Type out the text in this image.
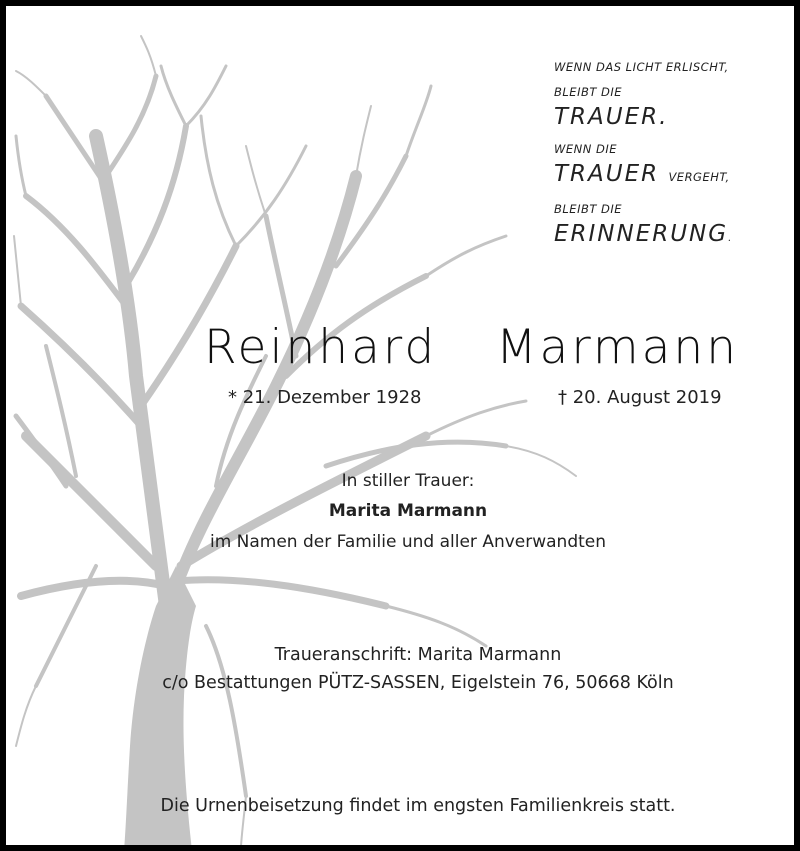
WENN DAS LICHT ERLISCHT,
BLEIBT DIE
TRAUER.
WENN DIE
TRAUER VERGEHT,
BLEIBT DIE
ERINNERUNG.
Reinhard Marmann
* 21. Dezember 1928	† 20. August 2019
In stiller Trauer:
Marita Marmann
im Namen der Familie und aller Anverwandten
Traueranschrift: Marita Marmann
c/o Bestattungen PÜTZ-SASSEN, Eigelstein 76, 50668 Köln
Die Urnenbeisetzung findet im engsten Familienkreis statt.
